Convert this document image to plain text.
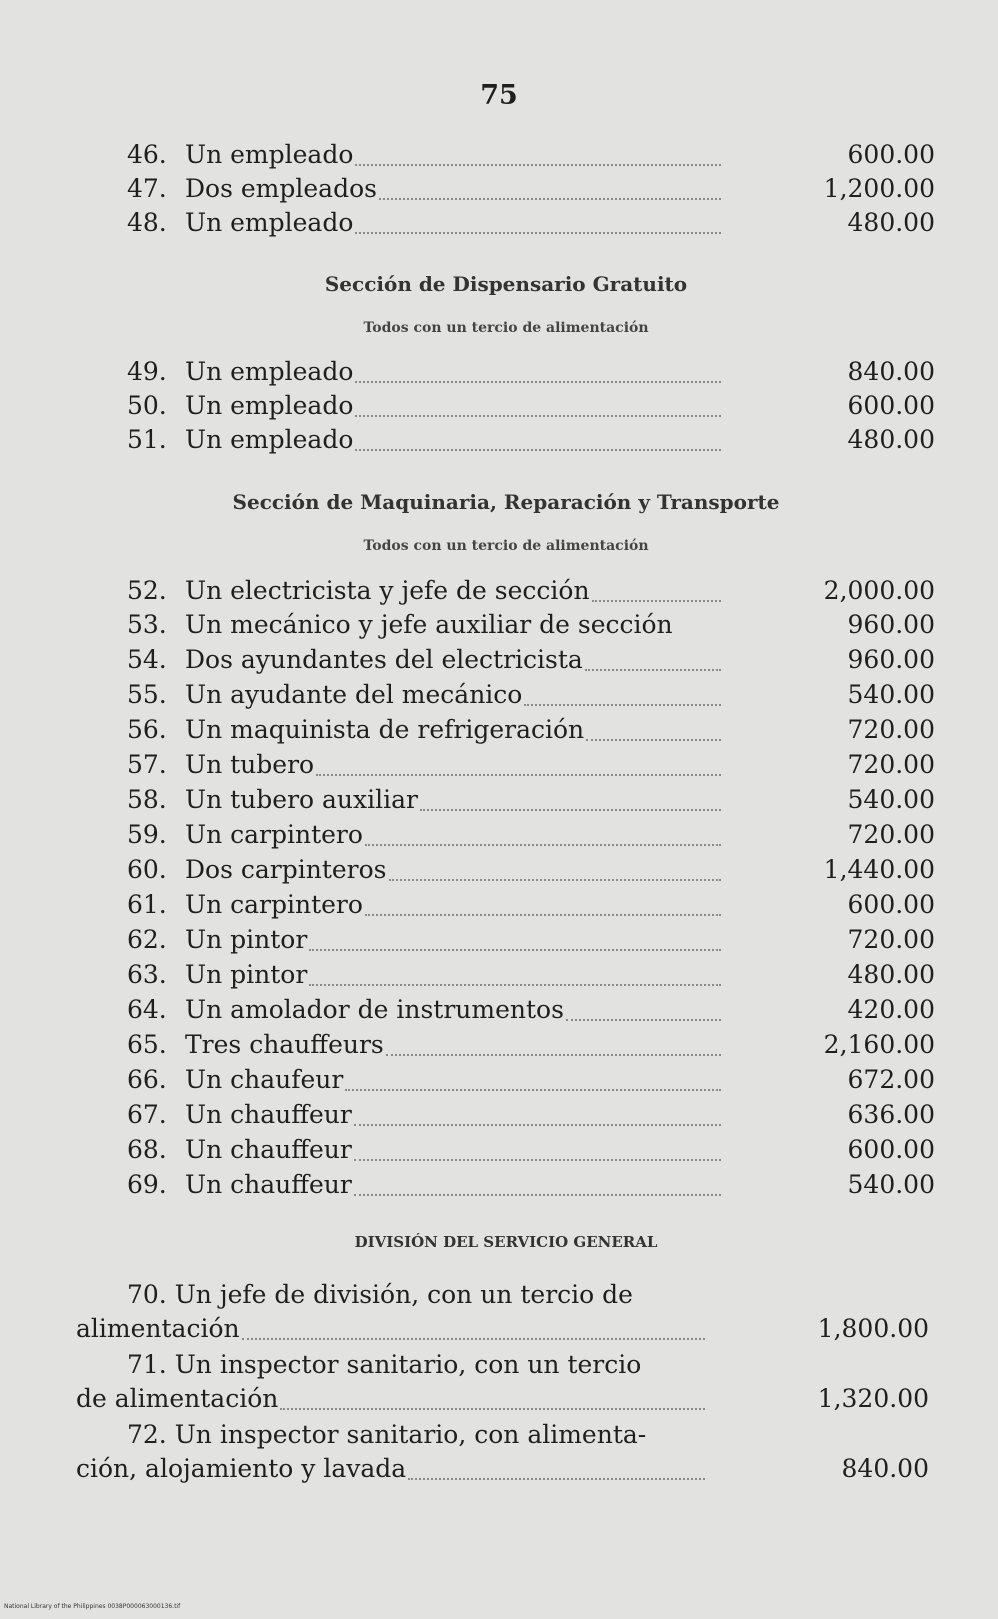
75
46. Un empleado	600.00
47. Dos empleados	1,200.00
48. Un empleado	480.00
Sección de Dispensario Gratuito
Todos con un tercio de alimentación
49. Un empleado	840.00
50. Un empleado	600.00
51. Un empleado	480.00
Sección de Maquinaria, Reparación y Transporte
Todos con un tercio de alimentación
52. Un electricista y jefe de sección	2,000.00
53. Un mecánico y jefe auxiliar de sección	960.00
54. Dos ayundantes del electricista	960.00
55. Un ayudante del mecánico	540.00
56. Un maquinista de refrigeración	720.00
57. Un tubero	720.00
58. Un tubero auxiliar	540.00
59. Un carpintero	720.00
60. Dos carpinteros	1,440.00
61. Un carpintero	600.00
62. Un pintor	720.00
63. Un pintor	480.00
64. Un amolador de instrumentos	420.00
65. Tres chauffeurs	2,160.00
66. Un chaufeur	672.00
67. Un chauffeur	636.00
68. Un chauffeur	600.00
69. Un chauffeur	540.00
DIVISIÓN DEL SERVICIO GENERAL
70. Un jefe de división, con un tercio de
alimentación	1,800.00
71. Un inspector sanitario, con un tercio
de alimentación	1,320.00
72. Un inspector sanitario, con alimenta-
ción, alojamiento y lavada	840.00
National Library of the Philippines 0038P000063000136.tif
